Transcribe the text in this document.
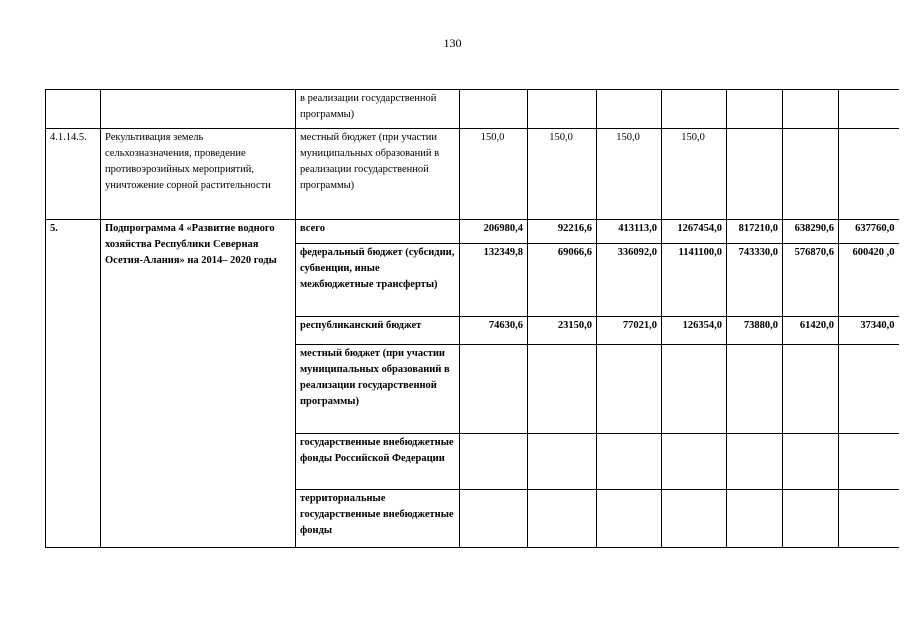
130
		в реализации государственной программы)							
4.1.14.5.	Рекультивация земель сельхозназначения, проведение противоэрозийных мероприятий, уничтожение сорной растительности	местный бюджет (при участии муниципальных образований в реализации государственной программы)	150,0	150,0	150,0	150,0			
5.	Подпрограмма 4 «Развитие водного хозяйства Республики Северная Осетия-Алания» на 2014– 2020 годы	всего	206980,4	92216,6	413113,0	1267454,0	817210,0	638290,6	637760,0
		федеральный бюджет (субсидии, субвенции, иные межбюджетные трансферты)	132349,8	69066,6	336092,0	1141100,0	743330,0	576870,6	600420 ,0
		республиканский бюджет	74630,6	23150,0	77021,0	126354,0	73880,0	61420,0	37340,0
		местный бюджет (при участии муниципальных образований в реализации государственной программы)							
		государственные внебюджетные фонды Российской Федерации							
		территориальные государственные внебюджетные фонды							
